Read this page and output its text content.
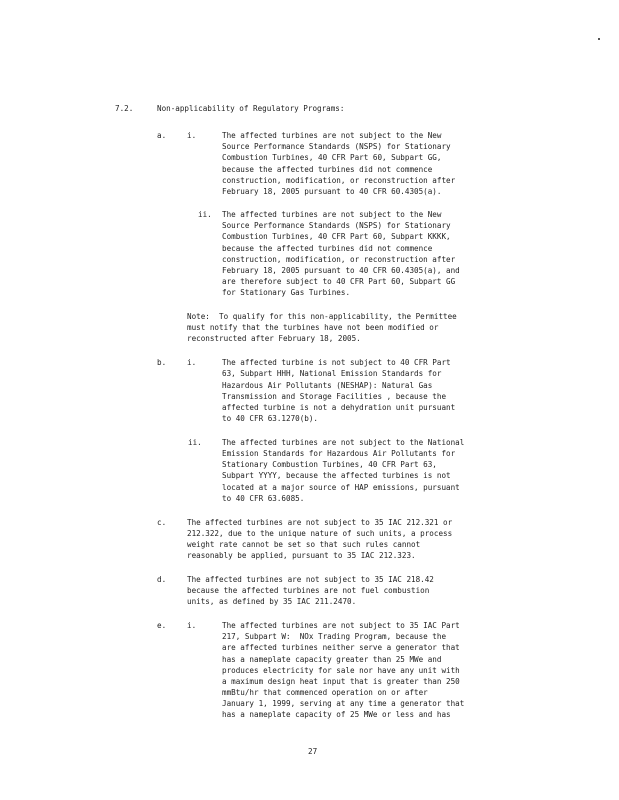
7.2.	Non-applicability of Regulatory Programs:
a.	i.	The affected turbines are not subject to the New
Source Performance Standards (NSPS) for Stationary
Combustion Turbines, 40 CFR Part 60, Subpart GG,
because the affected turbines did not commence
construction, modification, or reconstruction after
February 18, 2005 pursuant to 40 CFR 60.4305(a).
ii. The affected turbines are not subject to the New
Source Performance Standards (NSPS) for Stationary
Combustion Turbines, 40 CFR Part 60, Subpart KKKK,
because the affected turbines did not commence
construction, modification, or reconstruction after
February 18, 2005 pursuant to 40 CFR 60.4305(a), and
are therefore subject to 40 CFR Part 60, Subpart GG
for Stationary Gas Turbines.
Note:  To qualify for this non-applicability, the Permittee
must notify that the turbines have not been modified or
reconstructed after February 18, 2005.
b.	i.	The affected turbine is not subject to 40 CFR Part
63, Subpart HHH, National Emission Standards for
Hazardous Air Pollutants (NESHAP): Natural Gas
Transmission and Storage Facilities , because the
affected turbine is not a dehydration unit pursuant
to 40 CFR 63.1270(b).
ii.	The affected turbines are not subject to the National
Emission Standards for Hazardous Air Pollutants for
Stationary Combustion Turbines, 40 CFR Part 63,
Subpart YYYY, because the affected turbines is not
located at a major source of HAP emissions, pursuant
to 40 CFR 63.6085.
c.	The affected turbines are not subject to 35 IAC 212.321 or
212.322, due to the unique nature of such units, a process
weight rate cannot be set so that such rules cannot
reasonably be applied, pursuant to 35 IAC 212.323.
d.	The affected turbines are not subject to 35 IAC 218.42
because the affected turbines are not fuel combustion
units, as defined by 35 IAC 211.2470.
e.	i.	The affected turbines are not subject to 35 IAC Part
217, Subpart W:  NOx Trading Program, because the
are affected turbines neither serve a generator that
has a nameplate capacity greater than 25 MWe and
produces electricity for sale nor have any unit with
a maximum design heat input that is greater than 250
mmBtu/hr that commenced operation on or after
January 1, 1999, serving at any time a generator that
has a nameplate capacity of 25 MWe or less and has
27
